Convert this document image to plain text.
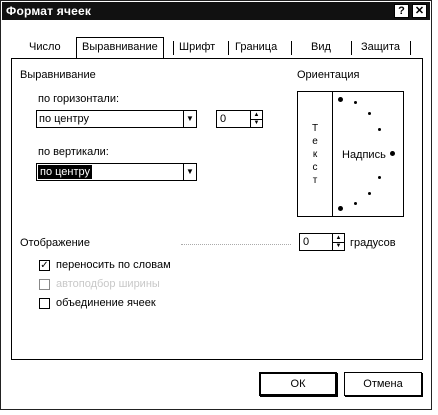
Формат ячеек	? ✕
Число	Выравнивание	Шрифт Граница	Вид	Защита
Выравнивание
по горизонтали:
по центру	▼ 0	▲
▼
по вертикали:
по центру	▼
Ориентация
Т
е
к
с
т
Надпись
0	▲
▼ градусов
Отображение
✓ переносить по словам
автоподбор ширины
объединение ячеек
ОК	Отмена
